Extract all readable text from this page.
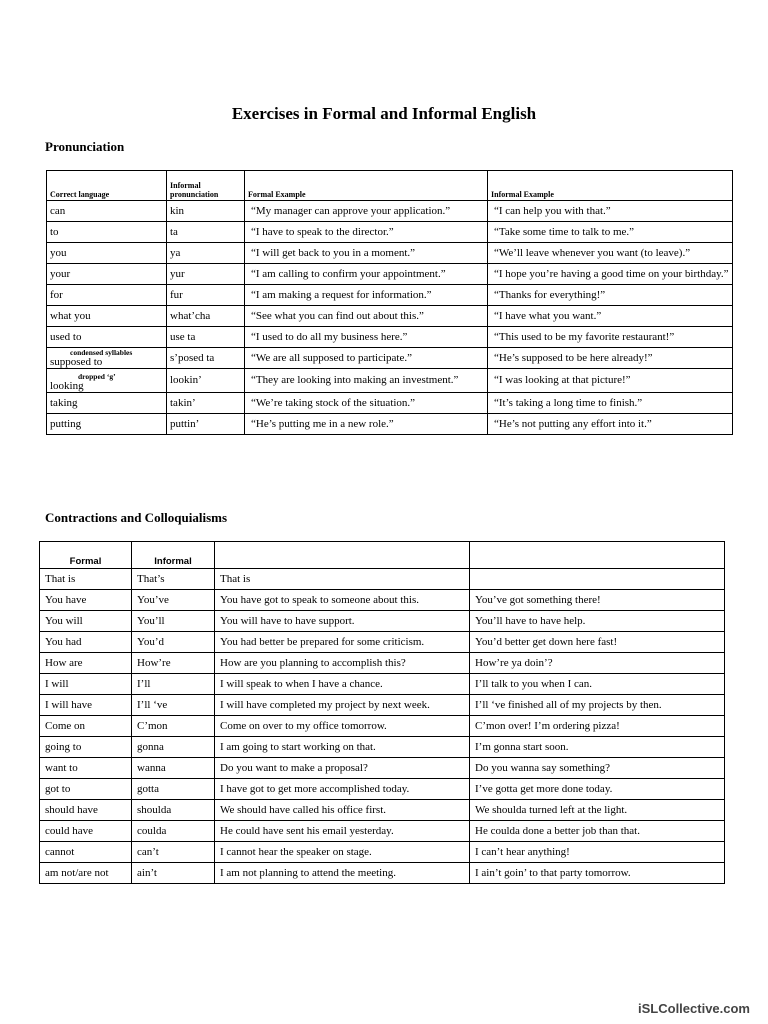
Exercises in Formal and Informal English
Pronunciation
Correct language	Informal pronunciation	Formal Example	Informal Example
can	kin	“My manager can approve your application.”	“I can help you with that.”
to	ta	“I have to speak to the director.”	“Take some time to talk to me.”
you	ya	“I will get back to you in a moment.”	“We’ll leave whenever you want (to leave).”
your	yur	“I am calling to confirm your appointment.”	“I hope you’re having a good time on your birthday.”
for	fur	“I am making a request for information.”	“Thanks for everything!”
what you	what’cha	“See what you can find out about this.”	“I have what you want.”
used to	use ta	“I used to do all my business here.”	“This used to be my favorite restaurant!”

condensed syllables
supposed to	s’posed ta	“We are all supposed to participate.”	“He’s supposed to be here already!”

dropped ‘g’
looking	lookin’	“They are looking into making an investment.”	“I was looking at that picture!”
taking	takin’	“We’re taking stock of the situation.”	“It’s taking a long time to finish.”
putting	puttin’	“He’s putting me in a new role.”	“He’s not putting any effort into it.”
Contractions and Colloquialisms
Formal	Informal		
That is	That’s	That is	
You have	You’ve	You have got to speak to someone about this.	You’ve got something there!
You will	You’ll	You will have to have support.	You’ll have to have help.
You had	You’d	You had better be prepared for some criticism.	You’d better get down here fast!
How are	How’re	How are you planning to accomplish this?	How’re ya doin’?
I will	I’ll	I will speak to when I have a chance.	I’ll talk to you when I can.
I will have	I’ll ‘ve	I will have completed my project by next week.	I’ll ‘ve finished all of my projects by then.
Come on	C’mon	Come on over to my office tomorrow.	C’mon over! I’m ordering pizza!
going to	gonna	I am going to start working on that.	I’m gonna start soon.
want to	wanna	Do you want to make a proposal?	Do you wanna say something?
got to	gotta	I have got to get more accomplished today.	I’ve gotta get more done today.
should have	shoulda	We should have called his office first.	We shoulda turned left at the light.
could have	coulda	He could have sent his email yesterday.	He coulda done a better job than that.
cannot	can’t	I cannot hear the speaker on stage.	I can’t hear anything!
am not/are not	ain’t	I am not planning to attend the meeting.	I ain’t goin’ to that party tomorrow.
iSLCollective.com
